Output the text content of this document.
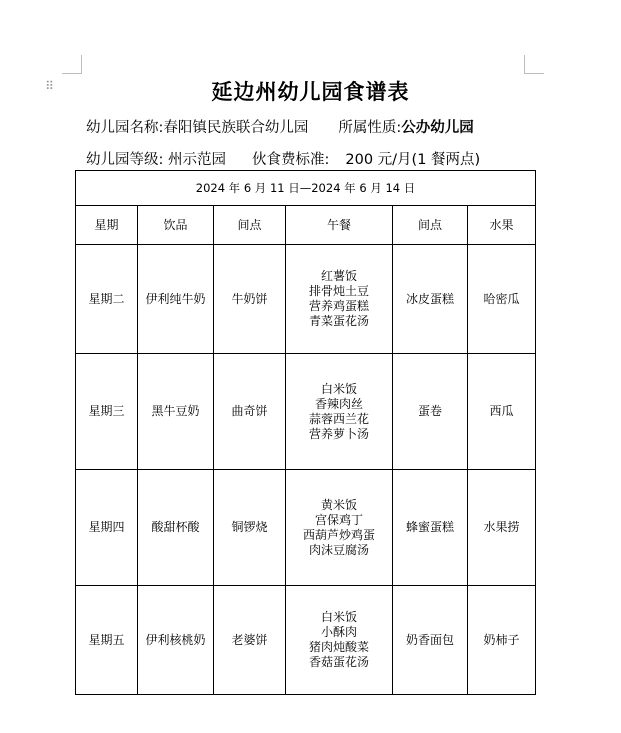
⠿	延边州幼儿园食谱表
幼儿园名称:春阳镇民族联合幼儿园 所属性质:公办幼儿园
幼儿园等级: 州示范园 伙食费标准: 200 元/月(1 餐两点)
2024 年 6 月 11 日—2024 年 6 月 14 日					
星期	饮品	间点	午餐	间点	水果
星期二	伊利纯牛奶	牛奶饼	红薯饭
排骨炖土豆
营养鸡蛋糕
青菜蛋花汤	冰皮蛋糕	哈密瓜
星期三	黑牛豆奶	曲奇饼	白米饭
香辣肉丝
蒜蓉西兰花
营养萝卜汤	蛋卷	西瓜
星期四	酸甜杯酸	铜锣烧	黄米饭
宫保鸡丁
西葫芦炒鸡蛋
肉沫豆腐汤	蜂蜜蛋糕	水果捞
星期五	伊利核桃奶	老婆饼	白米饭
小酥肉
猪肉炖酸菜
香菇蛋花汤	奶香面包	奶柿子
